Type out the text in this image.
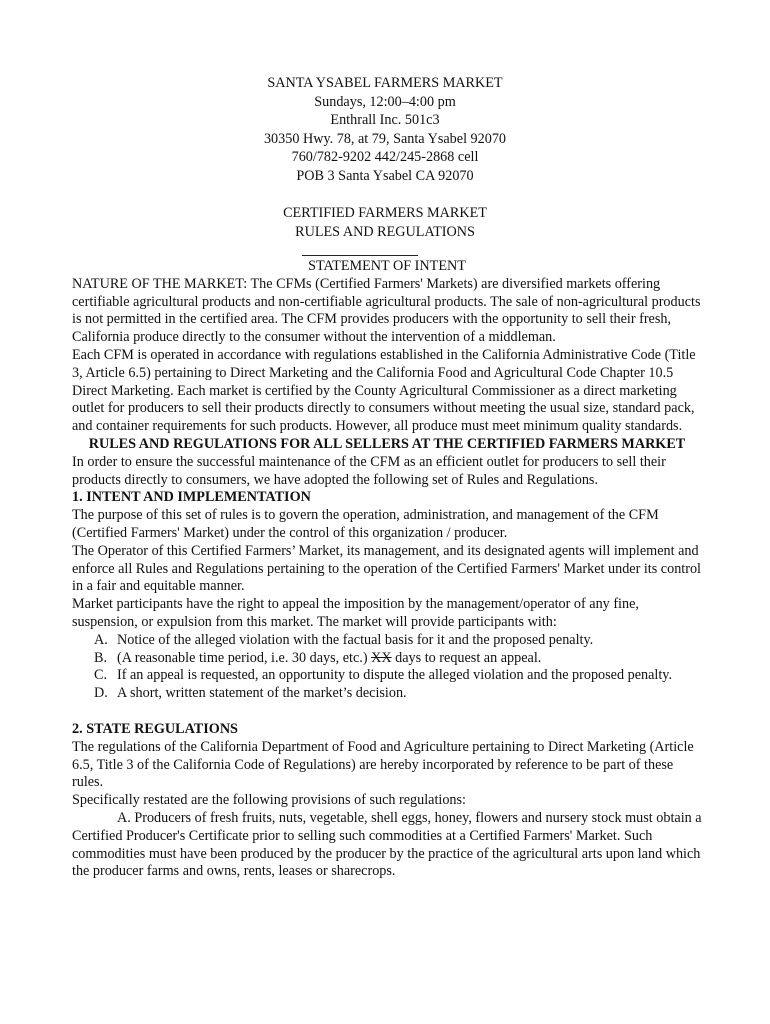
SANTA YSABEL FARMERS MARKET
Sundays, 12:00–4:00 pm
Enthrall Inc. 501c3
30350 Hwy. 78, at 79, Santa Ysabel 92070
760/782-9202 442/245-2868 cell
POB 3 Santa Ysabel CA 92070
CERTIFIED FARMERS MARKET
RULES AND REGULATIONS

STATEMENT OF INTENT

NATURE OF THE MARKET: The CFMs (Certified Farmers' Markets) are diversified markets offering certifiable agricultural products and non-certifiable agricultural products. The sale of non-agricultural products is not permitted in the certified area. The CFM provides producers with the opportunity to sell their fresh, California produce directly to the consumer without the intervention of a middleman.

Each CFM is operated in accordance with regulations established in the California Administrative Code (Title 3, Article 6.5) pertaining to Direct Marketing and the California Food and Agricultural Code Chapter 10.5 Direct Marketing. Each market is certified by the County Agricultural Commissioner as a direct marketing outlet for producers to sell their products directly to consumers without meeting the usual size, standard pack, and container requirements for such products. However, all produce must meet minimum quality standards.

RULES AND REGULATIONS FOR ALL SELLERS AT THE CERTIFIED FARMERS MARKET

In order to ensure the successful maintenance of the CFM as an efficient outlet for producers to sell their products directly to consumers, we have adopted the following set of Rules and Regulations.

1. INTENT AND IMPLEMENTATION

The purpose of this set of rules is to govern the operation, administration, and management of the CFM (Certified Farmers' Market) under the control of this organization / producer.

The Operator of this Certified Farmers’ Market, its management, and its designated agents will implement and enforce all Rules and Regulations pertaining to the operation of the Certified Farmers' Market under its control in a fair and equitable manner.

Market participants have the right to appeal the imposition by the management/operator of any fine, suspension, or expulsion from this market. The market will provide participants with:

A. Notice of the alleged violation with the factual basis for it and the proposed penalty.
B. (A reasonable time period, i.e. 30 days, etc.) XX days to request an appeal.
C. If an appeal is requested, an opportunity to dispute the alleged violation and the proposed penalty.
D. A short, written statement of the market’s decision.

2. STATE REGULATIONS

The regulations of the California Department of Food and Agriculture pertaining to Direct Marketing (Article 6.5, Title 3 of the California Code of Regulations) are hereby incorporated by reference to be part of these rules.

Specifically restated are the following provisions of such regulations:

A. Producers of fresh fruits, nuts, vegetable, shell eggs, honey, flowers and nursery stock must obtain a Certified Producer's Certificate prior to selling such commodities at a Certified Farmers' Market. Such commodities must have been produced by the producer by the practice of the agricultural arts upon land which the producer farms and owns, rents, leases or sharecrops.
